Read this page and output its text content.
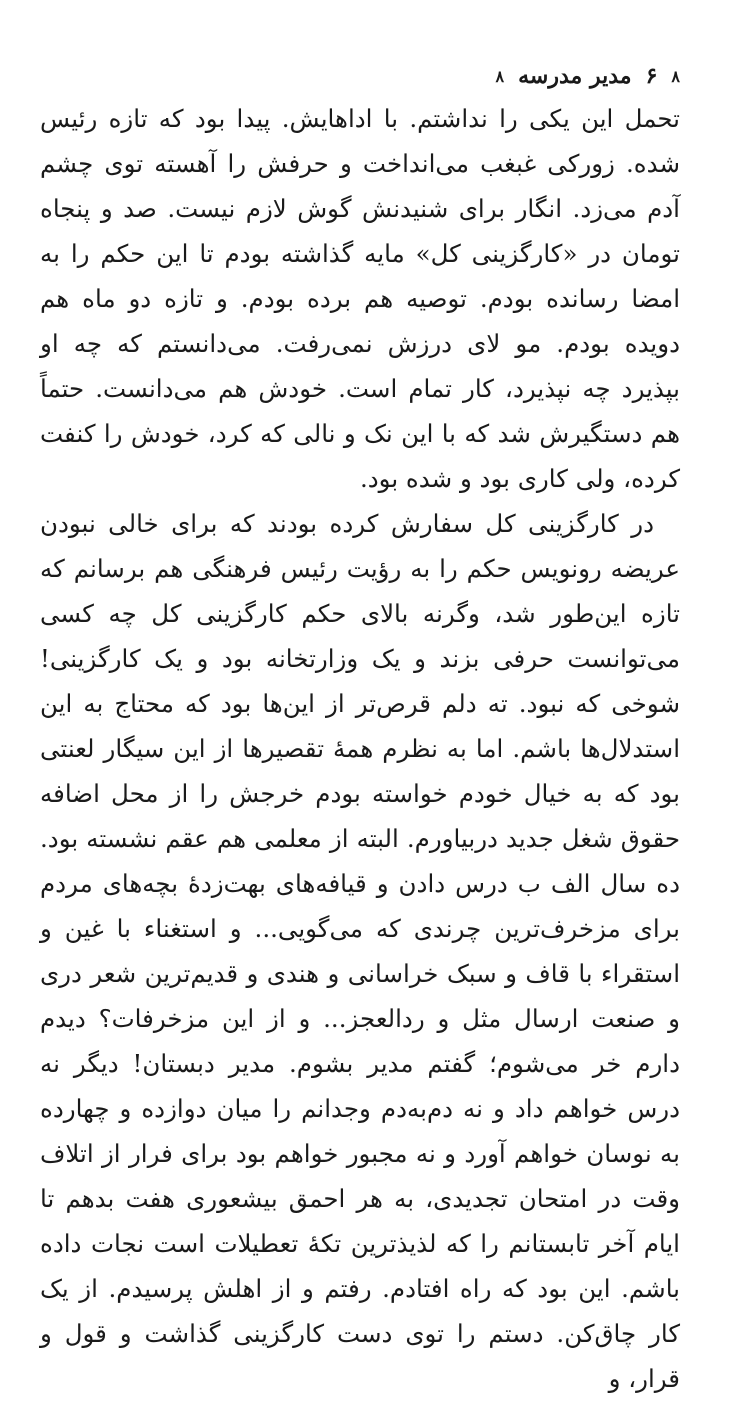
۸
۶
مدیر مدرسه
۸

تحمل این یکی را نداشتم. با اداهایش. پیدا بود که تازه رئیس شده. زورکی غبغب می‌انداخت و حرفش را آهسته توی چشم آدم می‌زد. انگار برای شنیدنش گوش لازم نیست. صد و پنجاه تومان در «کارگزینی کل» مایه گذاشته بودم تا این حکم را به امضا رسانده بودم. توصیه هم برده بودم. و تازه دو ماه هم دویده بودم. مو لای درزش نمی‌رفت. می‌دانستم که چه او بپذیرد چه نپذیرد، کار تمام است. خودش هم می‌دانست. حتماً هم دستگیرش شد که با این نک و نالی که کرد، خودش را کنفت کرده، ولی کاری بود و شده بود.

در کارگزینی کل سفارش کرده بودند که برای خالی نبودن عریضه رونویس حکم را به رؤیت رئیس فرهنگی هم برسانم که تازه این‌طور شد، وگرنه بالای حکم کارگزینی کل چه کسی می‌توانست حرفی بزند و یک وزارتخانه بود و یک کارگزینی! شوخی که نبود. ته دلم قرص‌تر از این‌ها بود که محتاج به این استدلال‌ها باشم. اما به نظرم همهٔ تقصیرها از این سیگار لعنتی بود که به خیال خودم خواسته بودم خرجش را از محل اضافه حقوق شغل جدید دربیاورم. البته از معلمی هم عقم نشسته بود. ده سال الف ب درس دادن و قیافه‌های بهت‌زدهٔ بچه‌های مردم برای مزخرف‌ترین چرندی که می‌گویی... و استغناء با غین و استقراء با قاف و سبک خراسانی و هندی و قدیم‌ترین شعر دری و صنعت ارسال مثل و ردالعجز... و از این مزخرفات؟ دیدم دارم خر می‌شوم؛ گفتم مدیر بشوم. مدیر دبستان! دیگر نه درس خواهم داد و نه دم‌به‌دم وجدانم را میان دوازده و چهارده به نوسان خواهم آورد و نه مجبور خواهم بود برای فرار از اتلاف وقت در امتحان تجدیدی، به هر احمق بیشعوری هفت بدهم تا ایام آخر تابستانم را که لذیذترین تکهٔ تعطیلات است نجات داده باشم. این بود که راه افتادم. رفتم و از اهلش پرسیدم. از یک کار چاق‌کن. دستم را توی دست کارگزینی گذاشت و قول و قرار، و
